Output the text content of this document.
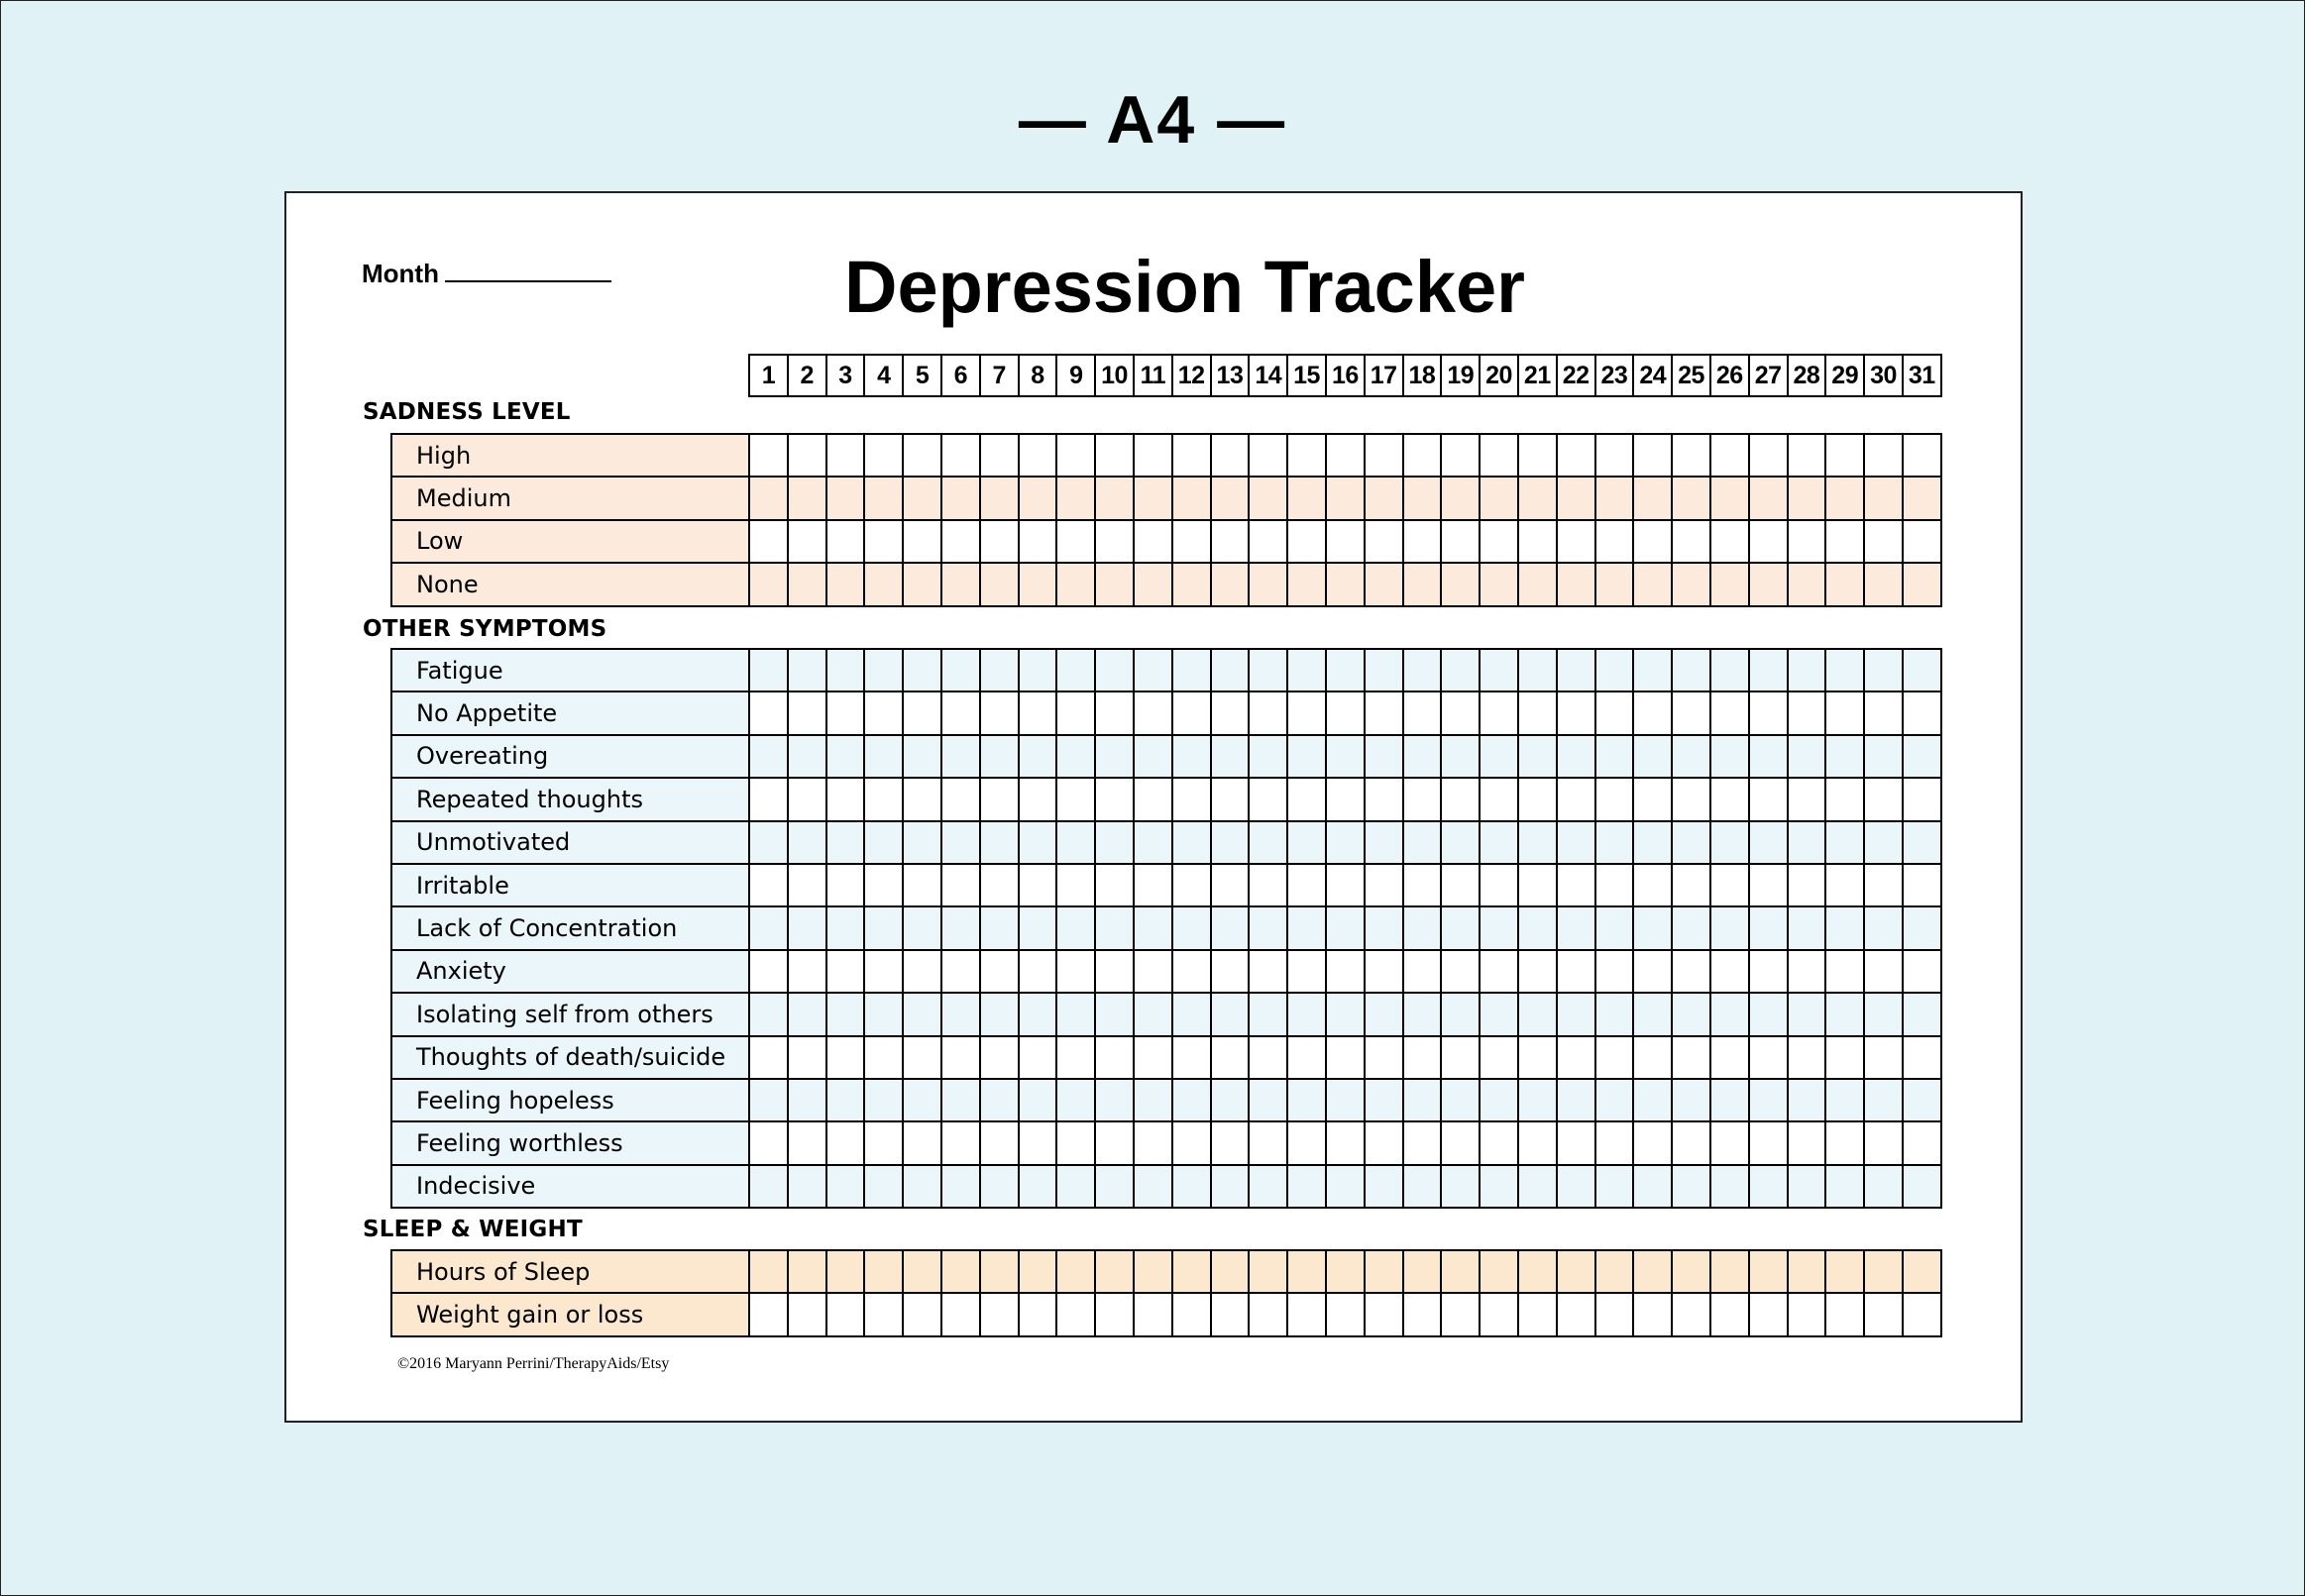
— A4 —
Month	Depression Tracker
1	2	3	4	5	6	7	8	9 10 11 12 13 14 15 16 17 18 19 20 21 22 23 24 25 26 27 28 29 30 31
SADNESS LEVEL
High
Medium
Low
None
OTHER SYMPTOMS
Fatigue
No Appetite
Overeating
Repeated thoughts
Unmotivated
Irritable
Lack of Concentration
Anxiety
Isolating self from others
Thoughts of death/suicide
Feeling hopeless
Feeling worthless
Indecisive
SLEEP & WEIGHT
Hours of Sleep
Weight gain or loss
©2016 Maryann Perrini/TherapyAids/Etsy
